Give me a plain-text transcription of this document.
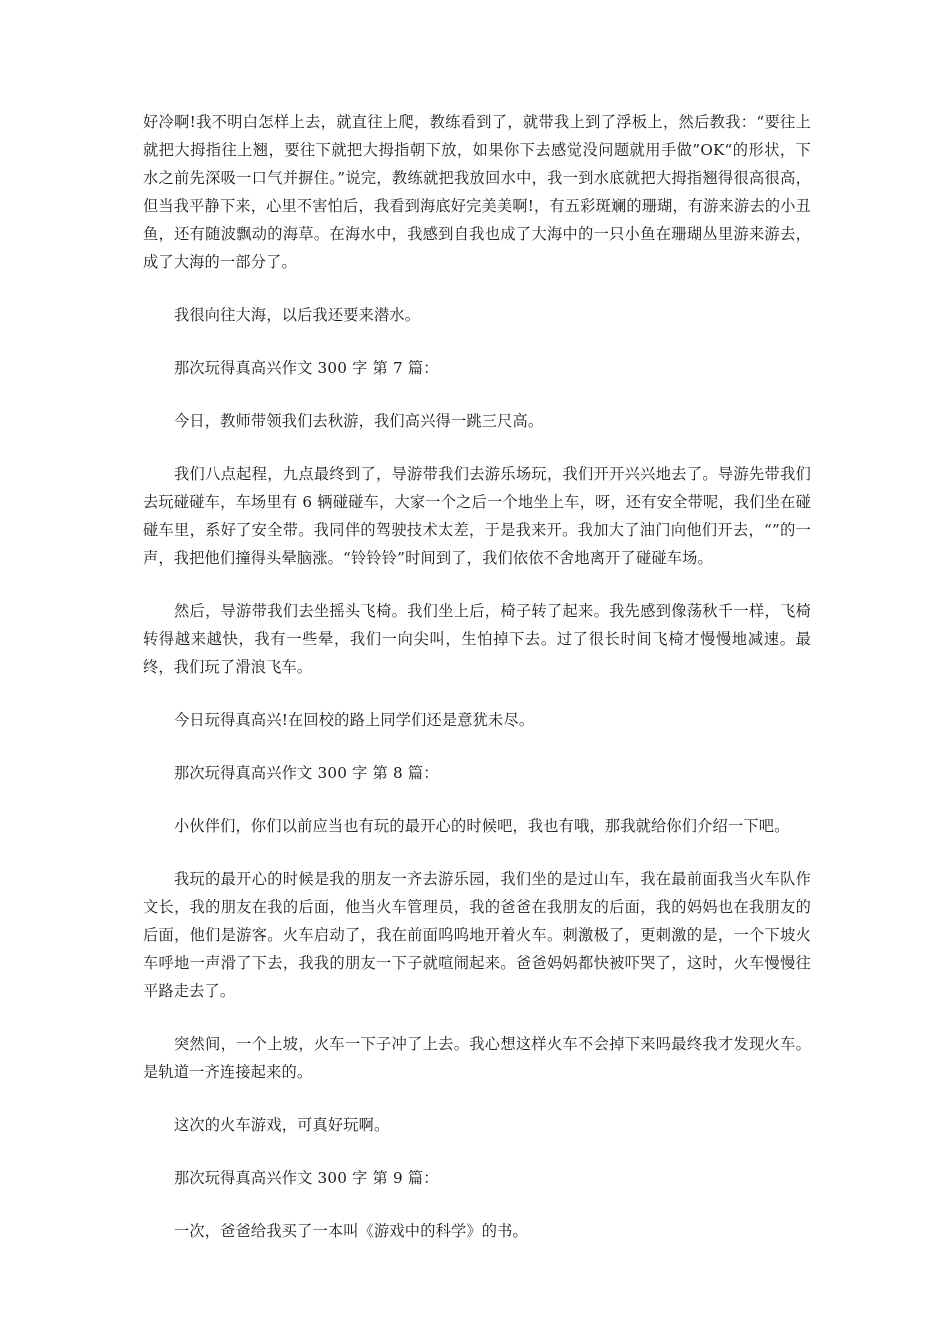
好冷啊!我不明白怎样上去，就直往上爬，教练看到了，就带我上到了浮板上，然后教我：“要往上就把大拇指往上翘，要往下就把大拇指朝下放，如果你下去感觉没问题就用手做”OK“的形状，下水之前先深吸一口气并摒住。”说完，教练就把我放回水中，我一到水底就把大拇指翘得很高很高，但当我平静下来，心里不害怕后，我看到海底好完美美啊!，有五彩斑斓的珊瑚，有游来游去的小丑鱼，还有随波飘动的海草。在海水中，我感到自我也成了大海中的一只小鱼在珊瑚丛里游来游去，成了大海的一部分了。

我很向往大海，以后我还要来潜水。

那次玩得真高兴作文 300 字 第 7 篇：

今日，教师带领我们去秋游，我们高兴得一跳三尺高。

我们八点起程，九点最终到了，导游带我们去游乐场玩，我们开开兴兴地去了。导游先带我们去玩碰碰车，车场里有 6 辆碰碰车，大家一个之后一个地坐上车，呀，还有安全带呢，我们坐在碰碰车里，系好了安全带。我同伴的驾驶技术太差，于是我来开。我加大了油门向他们开去，“”的一声，我把他们撞得头晕脑涨。“铃铃铃”时间到了，我们依依不舍地离开了碰碰车场。

然后，导游带我们去坐摇头飞椅。我们坐上后，椅子转了起来。我先感到像荡秋千一样，飞椅转得越来越快，我有一些晕，我们一向尖叫，生怕掉下去。过了很长时间飞椅才慢慢地减速。最终，我们玩了滑浪飞车。

今日玩得真高兴!在回校的路上同学们还是意犹未尽。

那次玩得真高兴作文 300 字 第 8 篇：

小伙伴们，你们以前应当也有玩的最开心的时候吧，我也有哦，那我就给你们介绍一下吧。

我玩的最开心的时候是我的朋友一齐去游乐园，我们坐的是过山车，我在最前面我当火车队作文长，我的朋友在我的后面，他当火车管理员，我的爸爸在我朋友的后面，我的妈妈也在我朋友的后面，他们是游客。火车启动了，我在前面呜呜地开着火车。刺激极了，更刺激的是，一个下坡火车呼地一声滑了下去，我我的朋友一下子就喧闹起来。爸爸妈妈都快被吓哭了，这时，火车慢慢往平路走去了。

突然间，一个上坡，火车一下子冲了上去。我心想这样火车不会掉下来吗最终我才发现火车。是轨道一齐连接起来的。

这次的火车游戏，可真好玩啊。

那次玩得真高兴作文 300 字 第 9 篇：

一次，爸爸给我买了一本叫《游戏中的科学》的书。
